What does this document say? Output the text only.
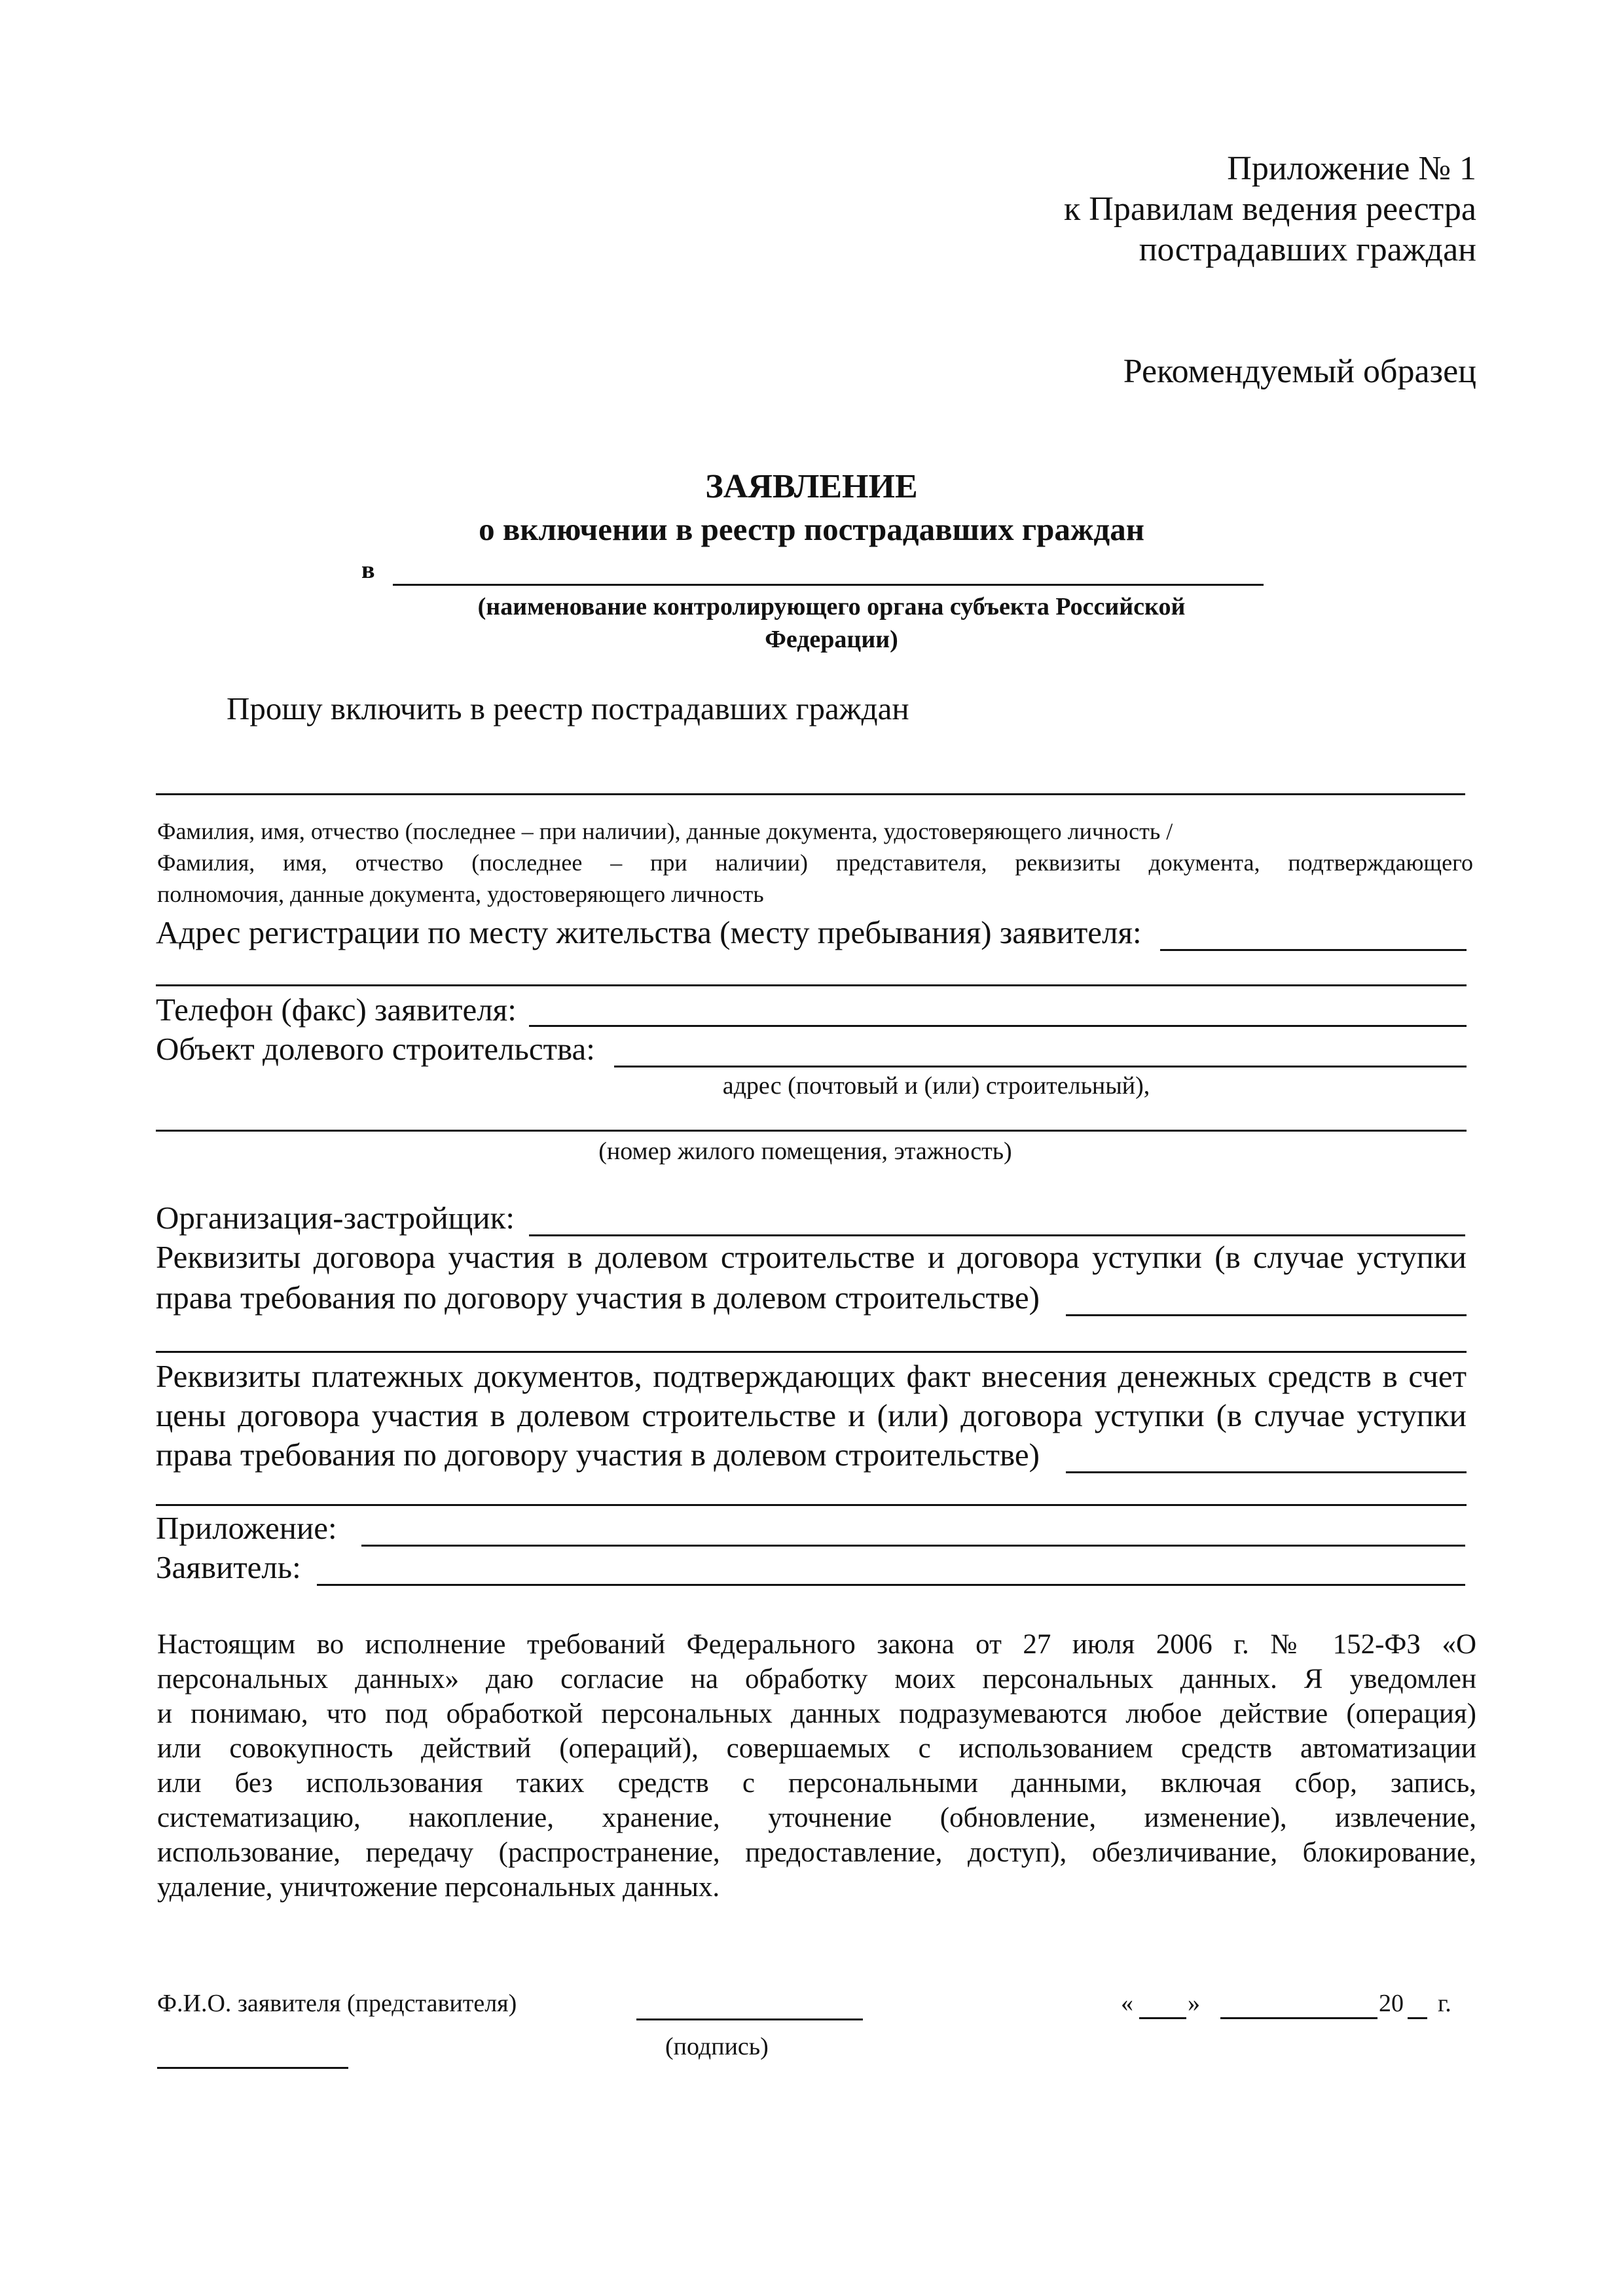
Приложение № 1
к Правилам ведения реестра
пострадавших граждан
Рекомендуемый образец
ЗАЯВЛЕНИЕ
о включении в реестр пострадавших граждан
в
(наименование контролирующего органа субъекта Российской
Федерации)
Прошу включить в реестр пострадавших граждан
Фамилия, имя, отчество (последнее – при наличии), данные документа, удостоверяющего личность /
Фамилия, имя, отчество (последнее – при наличии) представителя, реквизиты документа, подтверждающего
полномочия, данные документа, удостоверяющего личность
Адрес регистрации по месту жительства (месту пребывания) заявителя:
Телефон (факс) заявителя:
Объект долевого строительства:
адрес (почтовый и (или) строительный),
(номер жилого помещения, этажность)
Организация-застройщик:
Реквизиты договора участия в долевом строительстве и договора уступки (в случае уступки
права требования по договору участия в долевом строительстве)
Реквизиты платежных документов, подтверждающих факт внесения денежных средств в счет
цены договора участия в долевом строительстве и (или) договора уступки (в случае уступки
права требования по договору участия в долевом строительстве)
Приложение:
Заявитель:
Настоящим во исполнение требований Федерального закона от 27 июля 2006 г. № 152-ФЗ «О
персональных данных» даю согласие на обработку моих персональных данных. Я уведомлен
и понимаю, что под обработкой персональных данных подразумеваются любое действие (операция)
или совокупность действий (операций), совершаемых с использованием средств автоматизации
или без использования таких средств с персональными данными, включая сбор, запись,
систематизацию, накопление, хранение, уточнение (обновление, изменение), извлечение,
использование, передачу (распространение, предоставление, доступ), обезличивание, блокирование,
удаление, уничтожение персональных данных.
Ф.И.О. заявителя (представителя)
(подпись)
« »	20 г.
